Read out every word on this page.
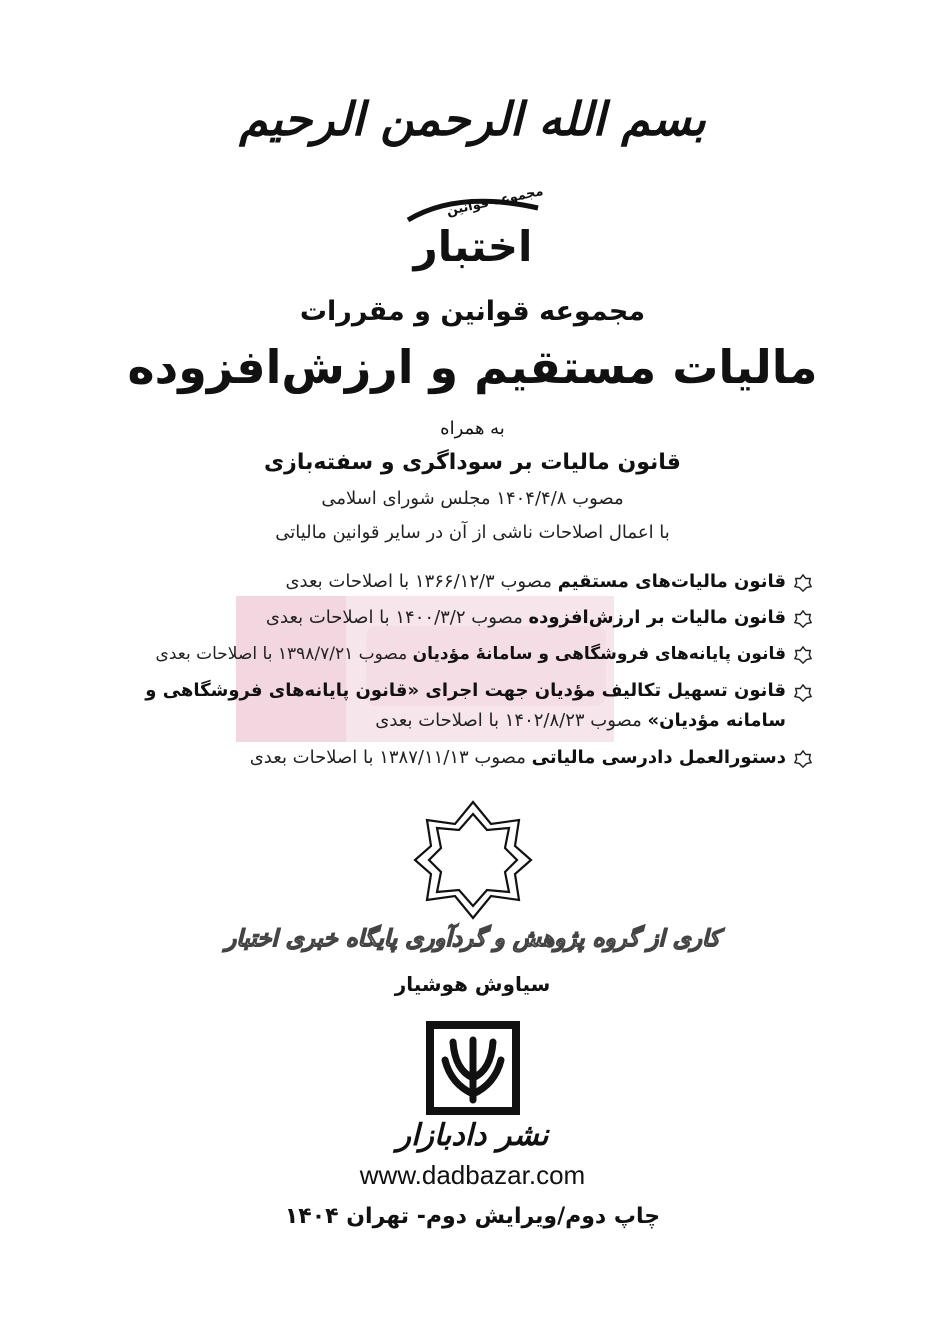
بسم الله الرحمن الرحیم
مجموعه قوانین
اختبار
مجموعه قوانین و مقررات
مالیات مستقیم و ارزش‌افزوده
به همراه
قانون مالیات بر سوداگری و سفته‌بازی
مصوب ۱۴۰۴/۴/۸ مجلس شورای اسلامی
با اعمال اصلاحات ناشی از آن در سایر قوانین مالیاتی
قانون مالیات‌های مستقیم مصوب ۱۳۶۶/۱۲/۳ با اصلاحات بعدی
قانون مالیات بر ارزش‌افزوده مصوب ۱۴۰۰/۳/۲ با اصلاحات بعدی
قانون پایانه‌های فروشگاهی و سامانهٔ مؤدیان مصوب ۱۳۹۸/۷/۲۱ با اصلاحات بعدی
قانون تسهیل تکالیف مؤدیان جهت اجرای «قانون پایانه‌های فروشگاهی و سامانه مؤدیان» مصوب ۱۴۰۲/۸/۲۳ با اصلاحات بعدی
دستورالعمل دادرسی مالیاتی مصوب ۱۳۸۷/۱۱/۱۳ با اصلاحات بعدی
کاری از گروه پژوهش و گردآوری پایگاه خبری اختبار
سیاوش هوشیار
نشر دادبازار
www.dadbazar.com
چاپ دوم/ویرایش دوم- تهران ۱۴۰۴
